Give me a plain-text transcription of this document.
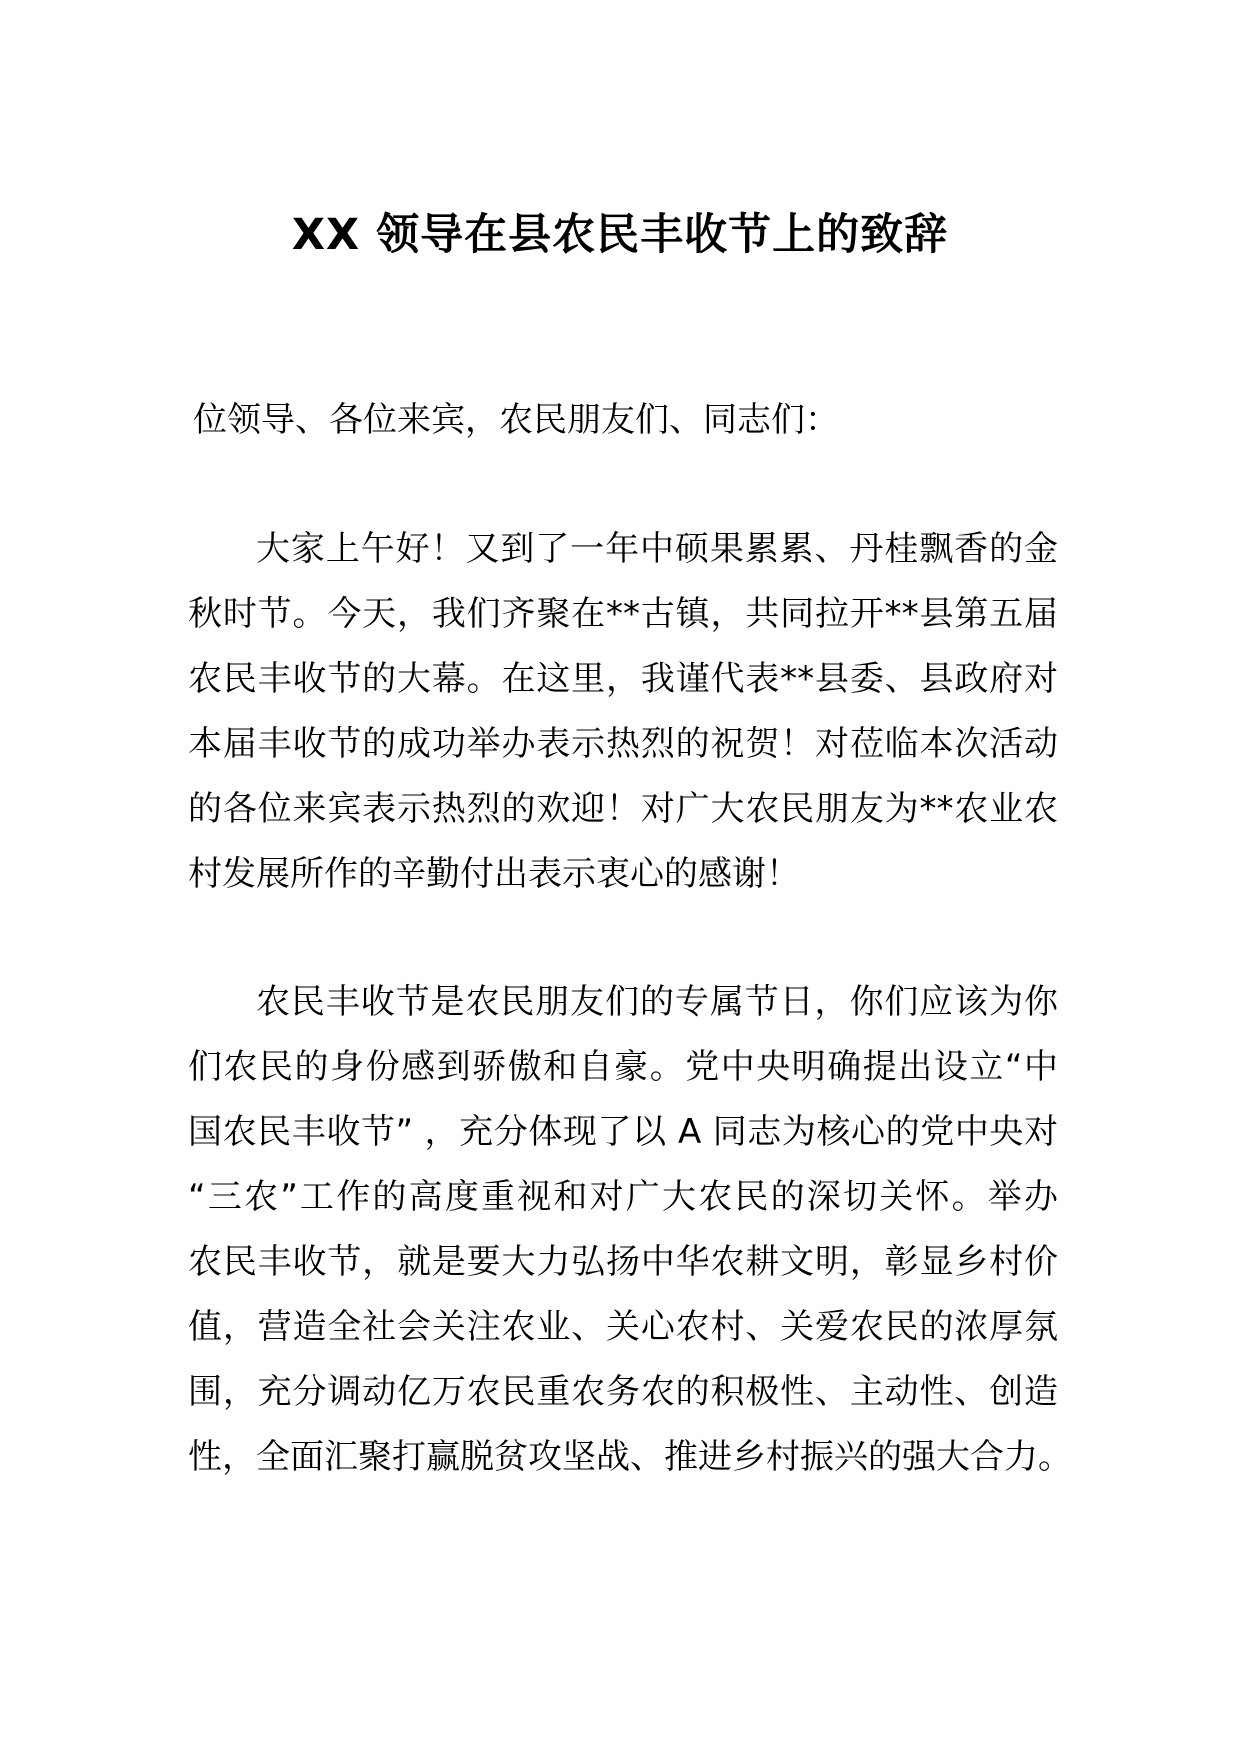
XX 领导在县农民丰收节上的致辞

位领导、各位来宾，农民朋友们、同志们：

大家上午好！又到了一年中硕果累累、丹桂飘香的金
秋时节。今天，我们齐聚在**古镇，共同拉开**县第五届
农民丰收节的大幕。在这里，我谨代表**县委、县政府对
本届丰收节的成功举办表示热烈的祝贺！对莅临本次活动
的各位来宾表示热烈的欢迎！对广大农民朋友为**农业农
村发展所作的辛勤付出表示衷心的感谢！
农民丰收节是农民朋友们的专属节日，你们应该为你
们农民的身份感到骄傲和自豪。党中央明确提出设立“中
国农民丰收节” ，充分体现了以 A 同志为核心的党中央对
“三农”工作的高度重视和对广大农民的深切关怀。举办
农民丰收节，就是要大力弘扬中华农耕文明，彰显乡村价
值，营造全社会关注农业、关心农村、关爱农民的浓厚氛
围，充分调动亿万农民重农务农的积极性、主动性、创造
性，全面汇聚打赢脱贫攻坚战、推进乡村振兴的强大合力。
